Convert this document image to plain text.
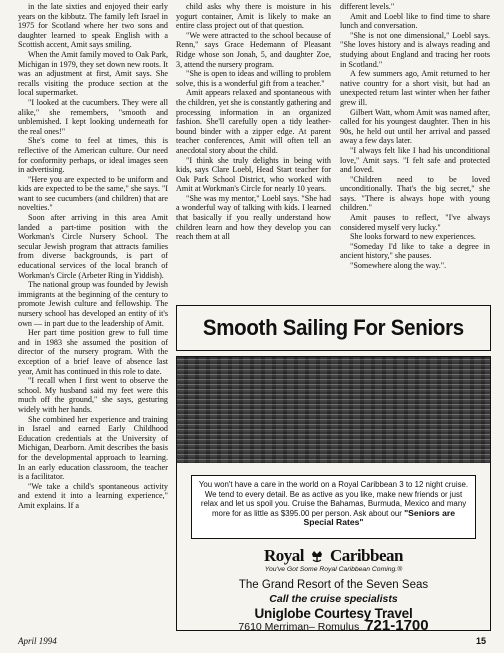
in the late sixties and enjoyed their early years on the kibbutz. The family left Israel in 1975 for Scotland where her two sons and daughter learned to speak English with a Scottish accent, Amit says smiling.

When the Amit family moved to Oak Park, Michigan in 1979, they set down new roots. It was an adjustment at first, Amit says. She recalls visiting the produce section at the local supermarket.

"I looked at the cucumbers. They were all alike," she remembers, "smooth and unblemished. I kept looking underneath for the real ones!"

She's come to feel at times, this is reflective of the American culture. Our need for conformity perhaps, or ideal images seen in advertising.

"Here you are expected to be uniform and kids are expected to be the same," she says. "I want to see cucumbers (and children) that are novelties."

Soon after arriving in this area Amit landed a part-time position with the Workman's Circle Nursery School. The secular Jewish program that attracts families from diverse backgrounds, is part of educational services of the local branch of Workman's Circle (Arbeter Ring in Yiddish).

The national group was founded by Jewish immigrants at the beginning of the century to promote Jewish culture and fellowship. The nursery school has developed an entity of it's own — in part due to the leadership of Amit.

Her part time position grew to full time and in 1983 she assumed the position of director of the nursery program. With the exception of a brief leave of absence last year, Amit has continued in this role to date.

"I recall when I first went to observe the school. My husband said my feet were this much off the ground," she says, gesturing widely with her hands.

She combined her experience and training in Israel and earned Early Childhood Education credentials at the University of Michigan, Dearborn. Amit describes the basis for the developmental approach to learning. In an early education classroom, the teacher is a facilitator.

"We take a child's spontaneous activity and extend it into a learning experience," Amit explains. If a

child asks why there is moisture in his yogurt container, Amit is likely to make an entire class project out of that question.

"We were attracted to the school because of Renn," says Grace Hedemann of Pleasant Ridge whose son Jonah, 5, and daughter Zoe, 3, attend the nursery program.

"She is open to ideas and willing to problem solve, this is a wonderful gift from a teacher."

Amit appears relaxed and spontaneous with the children, yet she is constantly gathering and processing information in an organized fashion. She'll carefully open a tidy leather-bound binder with a zipper edge. At parent teacher conferences, Amit will often tell an anecdotal story about the child.

"I think she truly delights in being with kids, says Clare Loebl, Head Start teacher for Oak Park School District, who worked with Amit at Workman's Circle for nearly 10 years.

"She was my mentor," Loebl says. "She had a wonderful way of talking with kids. I learned that basically if you really understand how children learn and how they develop you can reach them at all

different levels."

Amit and Loebl like to find time to share lunch and conversation.

"She is not one dimensional," Loebl says. "She loves history and is always reading and studying about England and tracing her roots in Scotland."

A few summers ago, Amit returned to her native country for a short visit, but had an unexpected return last winter when her father grew ill.

Gilbert Watt, whom Amit was named after, called for his youngest daughter. Then in his 90s, he held out until her arrival and passed away a few days later.

"I always felt like I had his unconditional love," Amit says. "I felt safe and protected and loved.

"Children need to be loved unconditionally. That's the big secret," she says. "There is always hope with young children."

Amit pauses to reflect, "I've always considered myself very lucky."

She looks forward to new experiences.

"Someday I'd like to take a degree in ancient history," she pauses.

"Somewhere along the way.".

Smooth Sailing For Seniors
You won't have a care in the world on a Royal Caribbean 3 to 12 night cruise. We tend to every detail. Be as active as you like, make new friends or just relax and let us spoil you. Cruise the Bahamas, Burmuda, Mexico and many more for as little as $395.00 per person. Ask about our "Seniors are Special Rates"
Royal Caribbean
You've Got Some Royal Caribbean Coming.®
The Grand Resort of the Seven Seas
Call the cruise specialists
Uniglobe Courtesy Travel
7610 Merriman– Romulus 721-1700
April 1994	15
